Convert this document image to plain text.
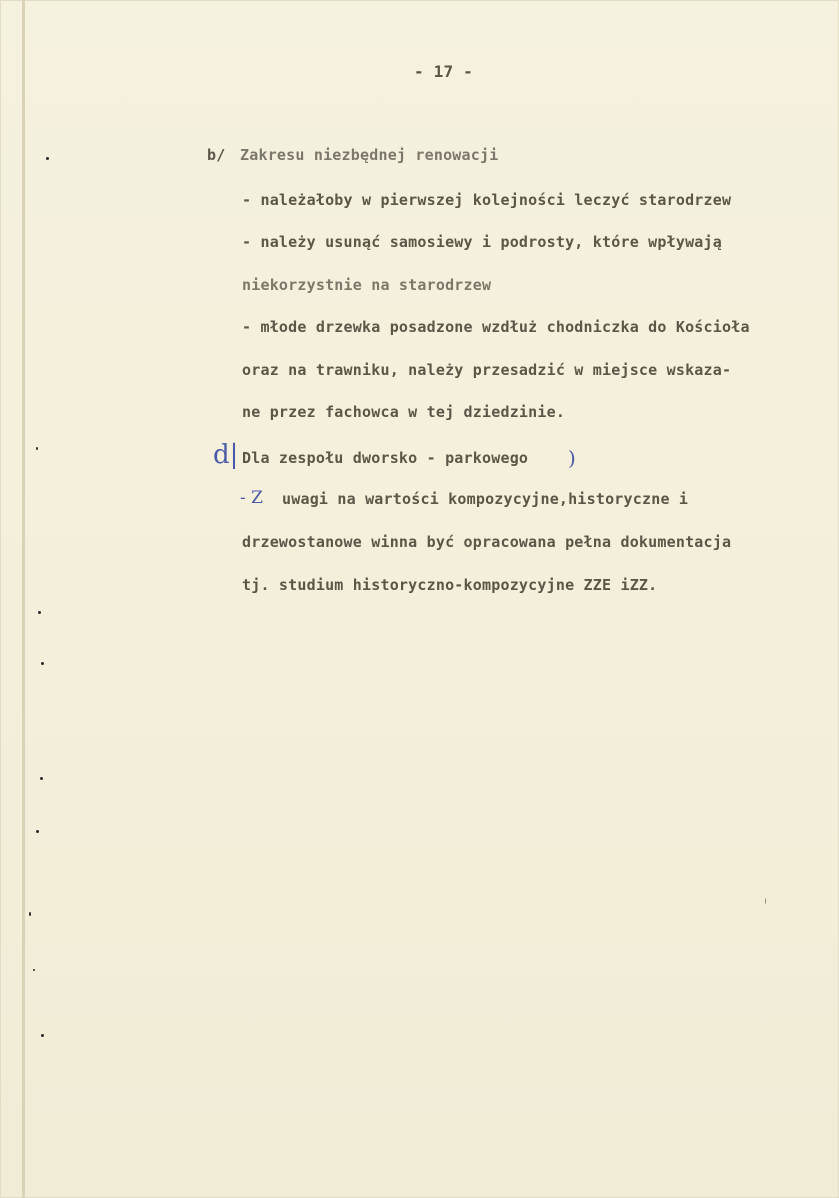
- 17 -
b/ Zakresu niezbędnej renowacji
- należałoby w pierwszej kolejności leczyć starodrzew
- należy usunąć samosiewy i podrosty, które wpływają
niekorzystnie na starodrzew
- młode drzewka posadzone wzdłuż chodniczka do Kościoła
oraz na trawniku, należy przesadzić w miejsce wskaza-
ne przez fachowca w tej dziedzinie.
d| Dla zespołu dworsko - parkowego )
- Z uwagi na wartości kompozycyjne,historyczne i
drzewostanowe winna być opracowana pełna dokumentacja
tj. studium historyczno-kompozycyjne ZZE iZZ.
